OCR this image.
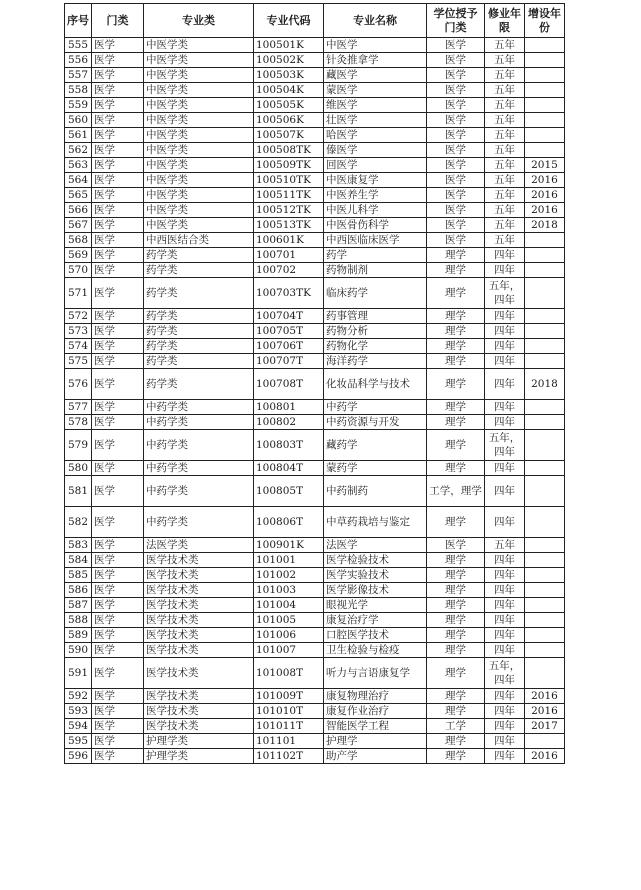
序号	门类	专业类	专业代码	专业名称	学位授予门类	修业年限	增设年份
555	医学	中医学类	100501K	中医学	医学	五年	
556	医学	中医学类	100502K	针灸推拿学	医学	五年	
557	医学	中医学类	100503K	藏医学	医学	五年	
558	医学	中医学类	100504K	蒙医学	医学	五年	
559	医学	中医学类	100505K	维医学	医学	五年	
560	医学	中医学类	100506K	壮医学	医学	五年	
561	医学	中医学类	100507K	哈医学	医学	五年	
562	医学	中医学类	100508TK	傣医学	医学	五年	
563	医学	中医学类	100509TK	回医学	医学	五年	2015
564	医学	中医学类	100510TK	中医康复学	医学	五年	2016
565	医学	中医学类	100511TK	中医养生学	医学	五年	2016
566	医学	中医学类	100512TK	中医儿科学	医学	五年	2016
567	医学	中医学类	100513TK	中医骨伤科学	医学	五年	2018
568	医学	中西医结合类	100601K	中西医临床医学	医学	五年	
569	医学	药学类	100701	药学	理学	四年	
570	医学	药学类	100702	药物制剂	理学	四年	
571	医学	药学类	100703TK	临床药学	理学	五年，四年	
572	医学	药学类	100704T	药事管理	理学	四年	
573	医学	药学类	100705T	药物分析	理学	四年	
574	医学	药学类	100706T	药物化学	理学	四年	
575	医学	药学类	100707T	海洋药学	理学	四年	
576	医学	药学类	100708T	化妆品科学与技术	理学	四年	2018
577	医学	中药学类	100801	中药学	理学	四年	
578	医学	中药学类	100802	中药资源与开发	理学	四年	
579	医学	中药学类	100803T	藏药学	理学	五年，四年	
580	医学	中药学类	100804T	蒙药学	理学	四年	
581	医学	中药学类	100805T	中药制药	工学，理学	四年	
582	医学	中药学类	100806T	中草药栽培与鉴定	理学	四年	
583	医学	法医学类	100901K	法医学	医学	五年	
584	医学	医学技术类	101001	医学检验技术	理学	四年	
585	医学	医学技术类	101002	医学实验技术	理学	四年	
586	医学	医学技术类	101003	医学影像技术	理学	四年	
587	医学	医学技术类	101004	眼视光学	理学	四年	
588	医学	医学技术类	101005	康复治疗学	理学	四年	
589	医学	医学技术类	101006	口腔医学技术	理学	四年	
590	医学	医学技术类	101007	卫生检验与检疫	理学	四年	
591	医学	医学技术类	101008T	听力与言语康复学	理学	五年，四年	
592	医学	医学技术类	101009T	康复物理治疗	理学	四年	2016
593	医学	医学技术类	101010T	康复作业治疗	理学	四年	2016
594	医学	医学技术类	101011T	智能医学工程	工学	四年	2017
595	医学	护理学类	101101	护理学	理学	四年	
596	医学	护理学类	101102T	助产学	理学	四年	2016
